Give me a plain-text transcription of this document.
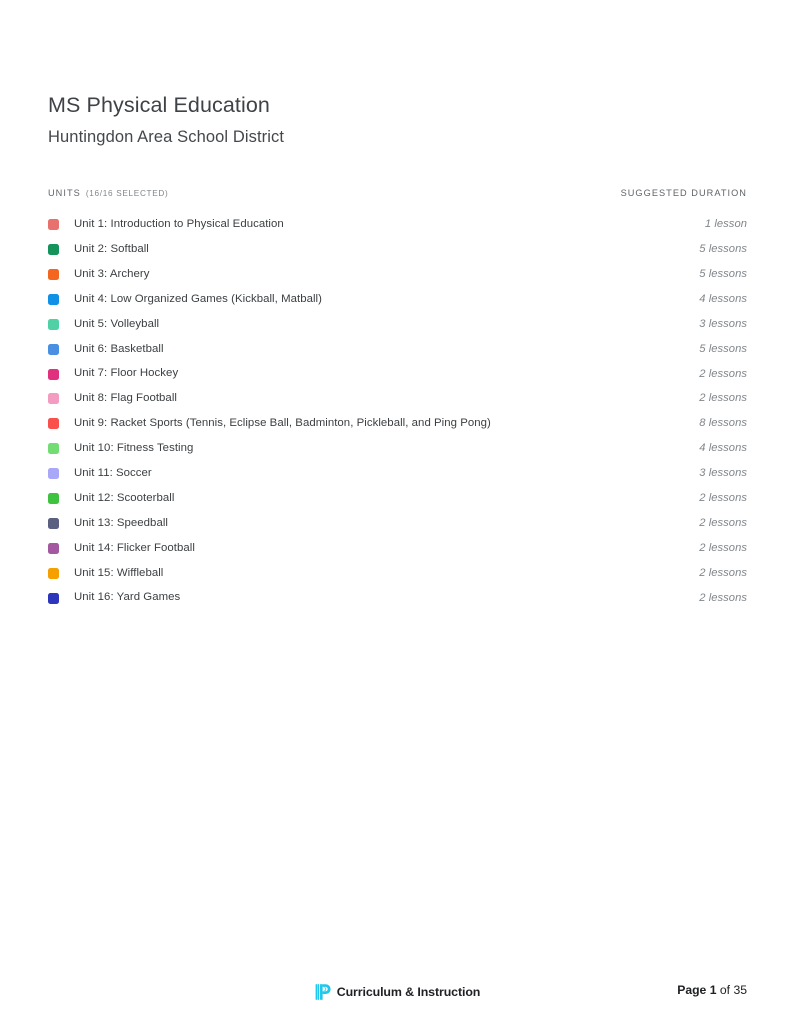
MS Physical Education
Huntingdon Area School District
UNITS (16/16 SELECTED)	SUGGESTED DURATION
Unit 1: Introduction to Physical Education	1 lesson
Unit 2: Softball	5 lessons
Unit 3: Archery	5 lessons
Unit 4: Low Organized Games (Kickball, Matball)	4 lessons
Unit 5: Volleyball	3 lessons
Unit 6: Basketball	5 lessons
Unit 7: Floor Hockey	2 lessons
Unit 8: Flag Football	2 lessons
Unit 9: Racket Sports (Tennis, Eclipse Ball, Badminton, Pickleball, and Ping Pong)	8 lessons
Unit 10: Fitness Testing	4 lessons
Unit 11: Soccer	3 lessons
Unit 12: Scooterball	2 lessons
Unit 13: Speedball	2 lessons
Unit 14: Flicker Football	2 lessons
Unit 15: Wiffleball	2 lessons
Unit 16: Yard Games	2 lessons
Curriculum & Instruction	Page 1 of 35
